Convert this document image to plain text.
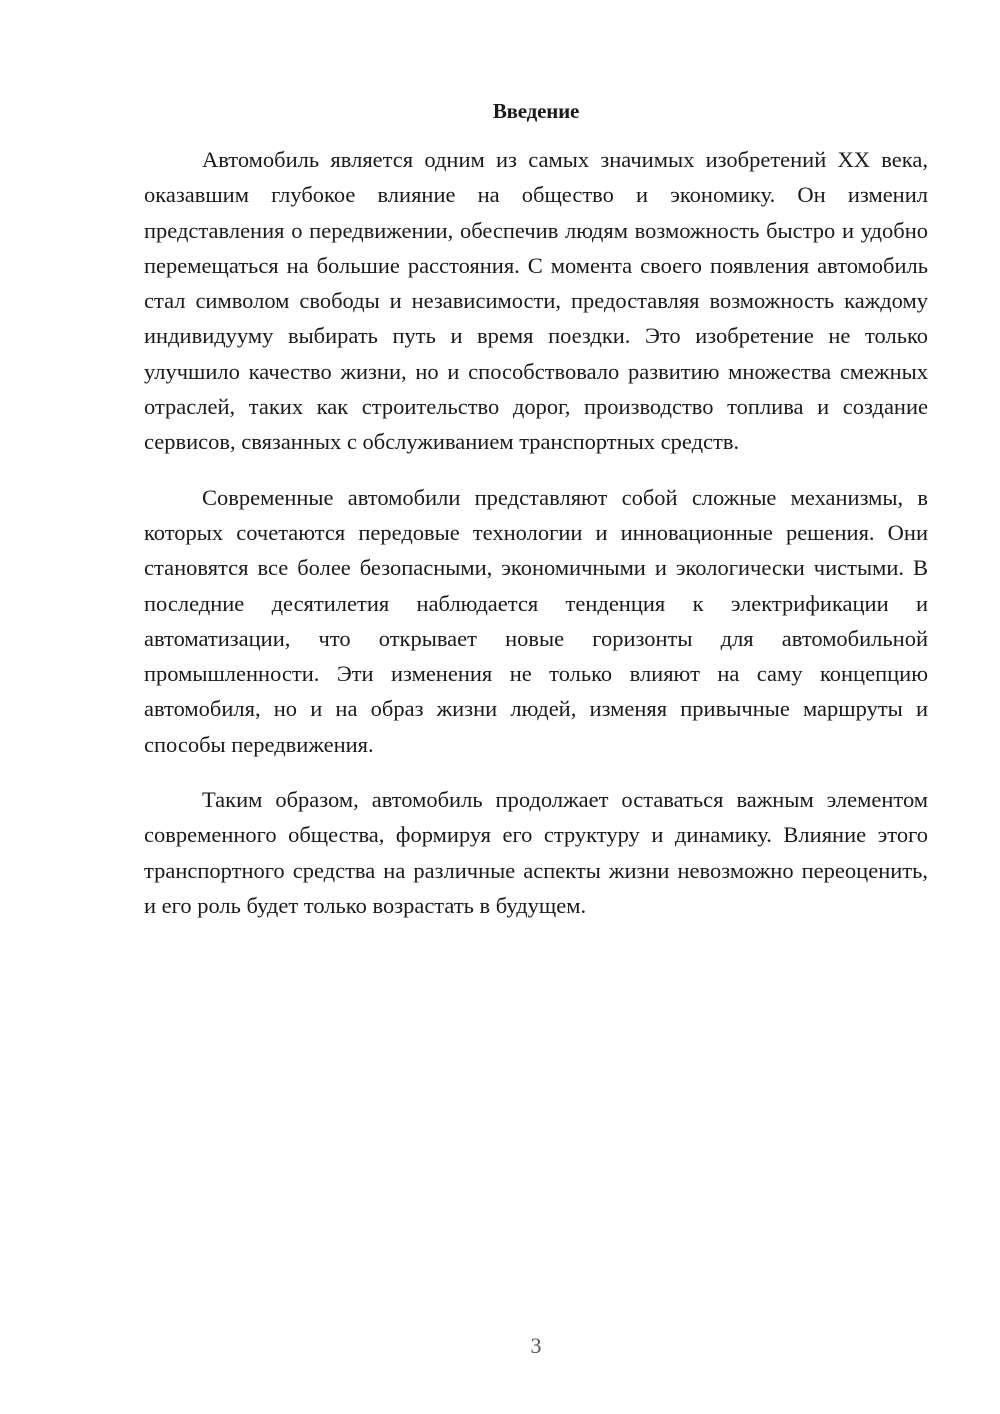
Введение

Автомобиль является одним из самых значимых изобретений XX века, оказавшим глубокое влияние на общество и экономику. Он изменил представления о передвижении, обеспечив людям возможность быстро и удобно перемещаться на большие расстояния. С момента своего появления автомобиль стал символом свободы и независимости, предоставляя возможность каждому индивидууму выбирать путь и время поездки. Это изобретение не только улучшило качество жизни, но и способствовало развитию множества смежных отраслей, таких как строительство дорог, производство топлива и создание сервисов, связанных с обслуживанием транспортных средств.

Современные автомобили представляют собой сложные механизмы, в которых сочетаются передовые технологии и инновационные решения. Они становятся все более безопасными, экономичными и экологически чистыми. В последние десятилетия наблюдается тенденция к электрификации и автоматизации, что открывает новые горизонты для автомобильной промышленности. Эти изменения не только влияют на саму концепцию автомобиля, но и на образ жизни людей, изменяя привычные маршруты и способы передвижения.

Таким образом, автомобиль продолжает оставаться важным элементом современного общества, формируя его структуру и динамику. Влияние этого транспортного средства на различные аспекты жизни невозможно переоценить, и его роль будет только возрастать в будущем.

3
